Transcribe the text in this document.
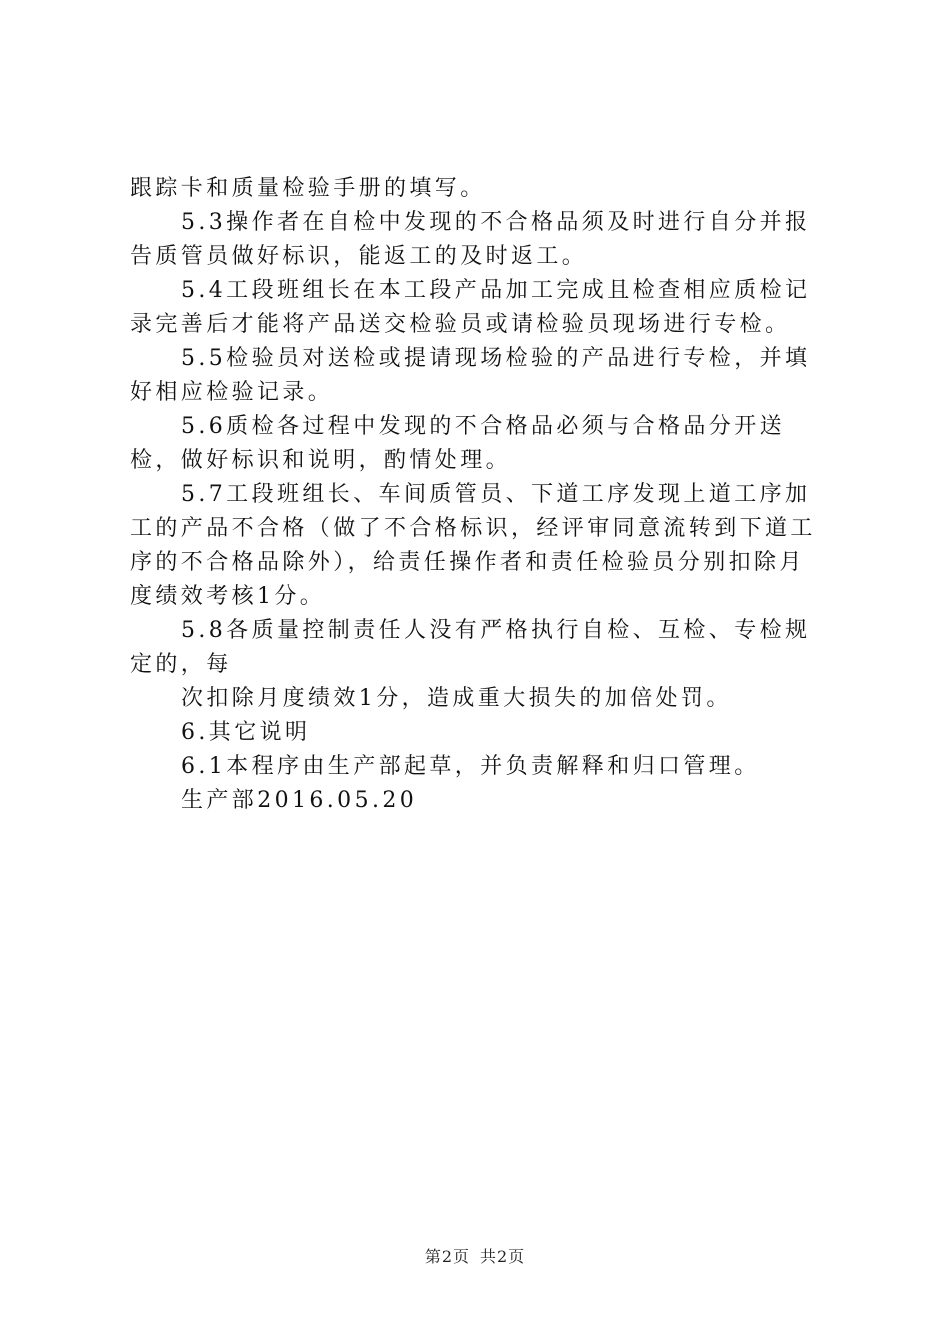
跟踪卡和质量检验手册的填写。

5.3操作者在自检中发现的不合格品须及时进行自分并报告质管员做好标识，能返工的及时返工。

5.4工段班组长在本工段产品加工完成且检查相应质检记录完善后才能将产品送交检验员或请检验员现场进行专检。

5.5检验员对送检或提请现场检验的产品进行专检，并填好相应检验记录。

5.6质检各过程中发现的不合格品必须与合格品分开送检，做好标识和说明，酌情处理。

5.7工段班组长、车间质管员、下道工序发现上道工序加工的产品不合格（做了不合格标识，经评审同意流转到下道工序的不合格品除外），给责任操作者和责任检验员分别扣除月度绩效考核1分。

5.8各质量控制责任人没有严格执行自检、互检、专检规定的，每

次扣除月度绩效1分，造成重大损失的加倍处罚。

6.其它说明

6.1本程序由生产部起草，并负责解释和归口管理。

生产部2016.05.20

第2页 共2页
